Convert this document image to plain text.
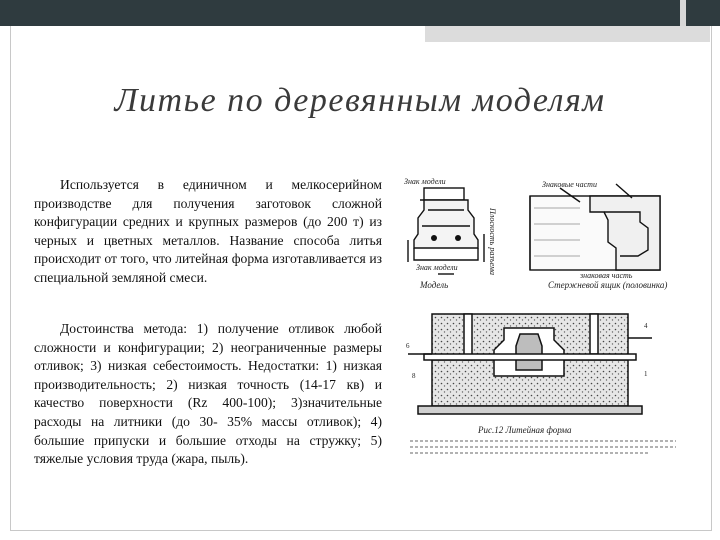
Литье по деревянным моделям

Используется в единичном и мелкосерийном производстве для получения заготовок сложной конфигурации средних и крупных размеров (до 200 т) из черных и цветных металлов. Название способа литья происходит от того, что литейная форма изготавливается из специальной земляной смеси.

Достоинства метода: 1) получение отливок любой сложности и конфигурации; 2) неограниченные размеры отливок; 3) низкая себестоимость. Недостатки: 1) низкая производительность; 2) низкая точность (14-17 кв) и качество поверхности (Rz 400-100); 3)значительные расходы на литники (до 30- 35% массы отливок); 4) большие припуски и большие отходы на стружку; 5) тяжелые условия труда (жара, пыль).

Знак модели
Знак модели	Плоскость разъема
Модель
Знаковые части
знаковая часть
Стержневой ящик (половинка)
6
8
4
1
Рис.12 Литейная форма
